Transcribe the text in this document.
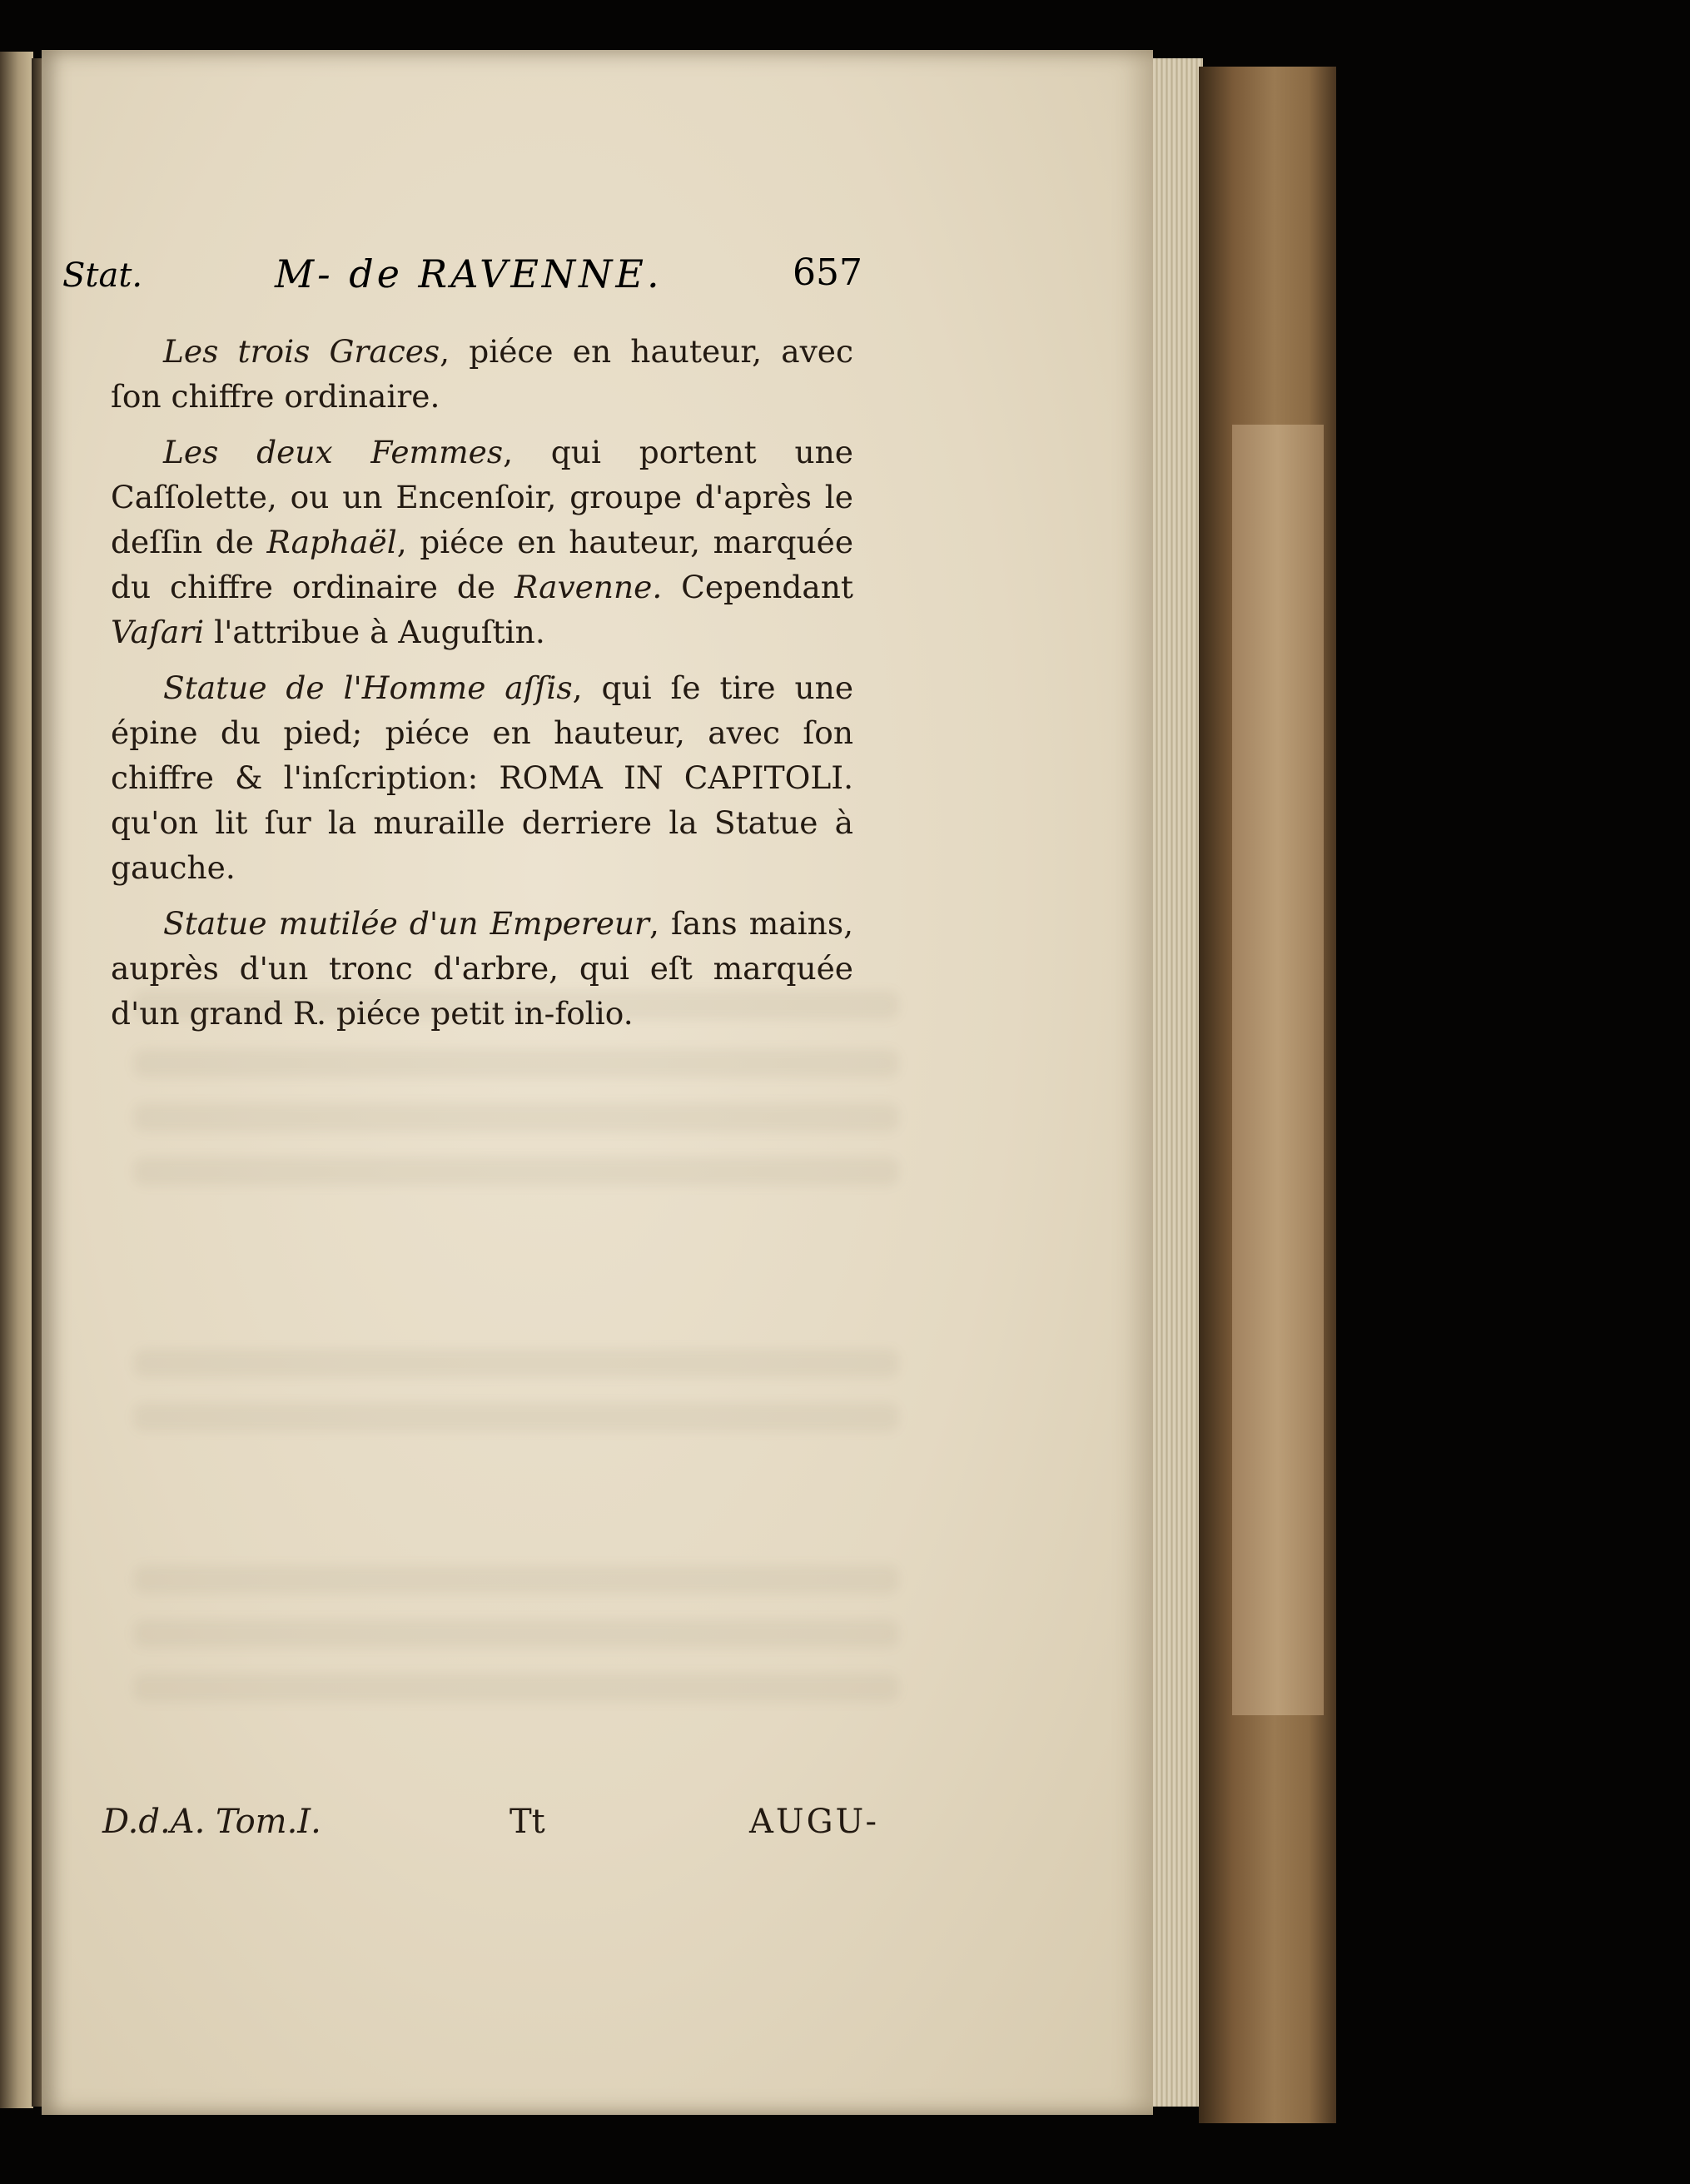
Stat.	M- de RAVENNE.	657

Les trois Graces, piéce en hauteur, avec ſon chiffre ordinaire.

Les deux Femmes, qui portent une Caſſolette, ou un Encenſoir, groupe d'après le deſſin de Raphaël, piéce en hauteur, marquée du chiffre ordinaire de Ravenne. Cependant Vaſari l'attribue à Auguſtin.

Statue de l'Homme aſſis, qui ſe tire une épine du pied; piéce en hauteur, avec ſon chiffre & l'inſcription: ROMA IN CAPITOLI. qu'on lit ſur la muraille derriere la Statue à gauche.

Statue mutilée d'un Empereur, ſans mains, auprès d'un tronc d'arbre, qui eſt marquée d'un grand R. piéce petit in-folio.

D.d.A. Tom.I.	Tt	AUGU-
